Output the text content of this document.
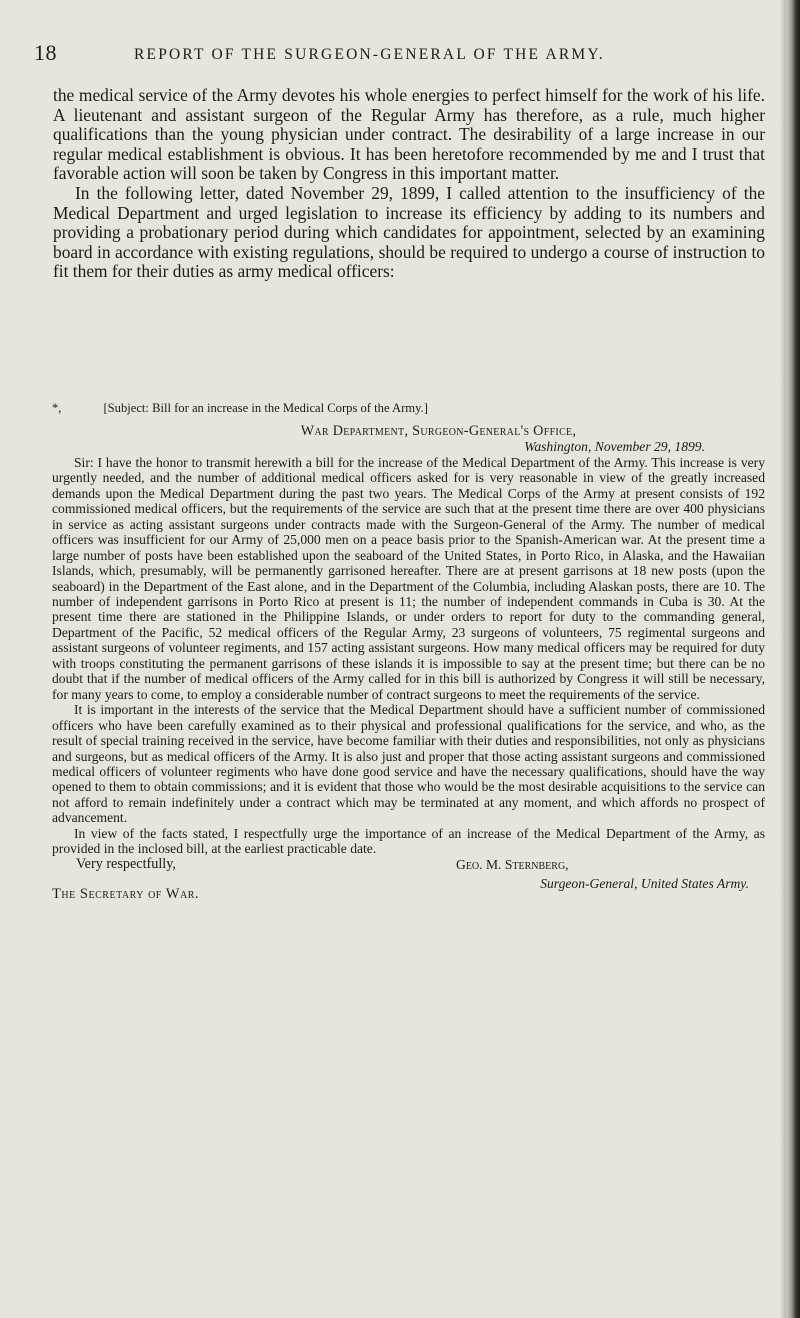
18	REPORT OF THE SURGEON-GENERAL OF THE ARMY.

the medical service of the Army devotes his whole energies to perfect himself for the work of his life. A lieutenant and assistant surgeon of the Regular Army has therefore, as a rule, much higher qualifications than the young physician under contract. The desirability of a large increase in our regular medical establishment is obvious. It has been heretofore recommended by me and I trust that favorable action will soon be taken by Congress in this important matter.

In the following letter, dated November 29, 1899, I called attention to the insufficiency of the Medical Department and urged legislation to increase its efficiency by adding to its numbers and providing a probationary period during which candidates for appointment, selected by an examining board in accordance with existing regulations, should be required to undergo a course of instruction to fit them for their duties as army medical officers:

*,	[Subject: Bill for an increase in the Medical Corps of the Army.]
War Department, Surgeon-General's Office,
Washington, November 29, 1899.

Sir: I have the honor to transmit herewith a bill for the increase of the Medical Department of the Army. This increase is very urgently needed, and the number of additional medical officers asked for is very reasonable in view of the greatly increased demands upon the Medical Department during the past two years. The Medical Corps of the Army at present consists of 192 commissioned medical officers, but the requirements of the service are such that at the present time there are over 400 physicians in service as acting assistant surgeons under contracts made with the Surgeon-General of the Army. The number of medical officers was insufficient for our Army of 25,000 men on a peace basis prior to the Spanish-American war. At the present time a large number of posts have been established upon the seaboard of the United States, in Porto Rico, in Alaska, and the Hawaiian Islands, which, presumably, will be permanently garrisoned hereafter. There are at present garrisons at 18 new posts (upon the seaboard) in the Department of the East alone, and in the Department of the Columbia, including Alaskan posts, there are 10. The number of independent garrisons in Porto Rico at present is 11; the number of independent commands in Cuba is 30. At the present time there are stationed in the Philippine Islands, or under orders to report for duty to the commanding general, Department of the Pacific, 52 medical officers of the Regular Army, 23 surgeons of volunteers, 75 regimental surgeons and assistant surgeons of volunteer regiments, and 157 acting assistant surgeons. How many medical officers may be required for duty with troops constituting the permanent garrisons of these islands it is impossible to say at the present time; but there can be no doubt that if the number of medical officers of the Army called for in this bill is authorized by Congress it will still be necessary, for many years to come, to employ a considerable number of contract surgeons to meet the requirements of the service.

It is important in the interests of the service that the Medical Department should have a sufficient number of commissioned officers who have been carefully examined as to their physical and professional qualifications for the service, and who, as the result of special training received in the service, have become familiar with their duties and responsibilities, not only as physicians and surgeons, but as medical officers of the Army. It is also just and proper that those acting assistant surgeons and commissioned medical officers of volunteer regiments who have done good service and have the necessary qualifications, should have the way opened to them to obtain commissions; and it is evident that those who would be the most desirable acquisitions to the service can not afford to remain indefinitely under a contract which may be terminated at any moment, and which affords no prospect of advancement.

In view of the facts stated, I respectfully urge the importance of an increase of the Medical Department of the Army, as provided in the inclosed bill, at the earliest practicable date.

Very respectfully,	Geo. M. Sternberg,
Surgeon-General, United States Army.
The Secretary of War.
